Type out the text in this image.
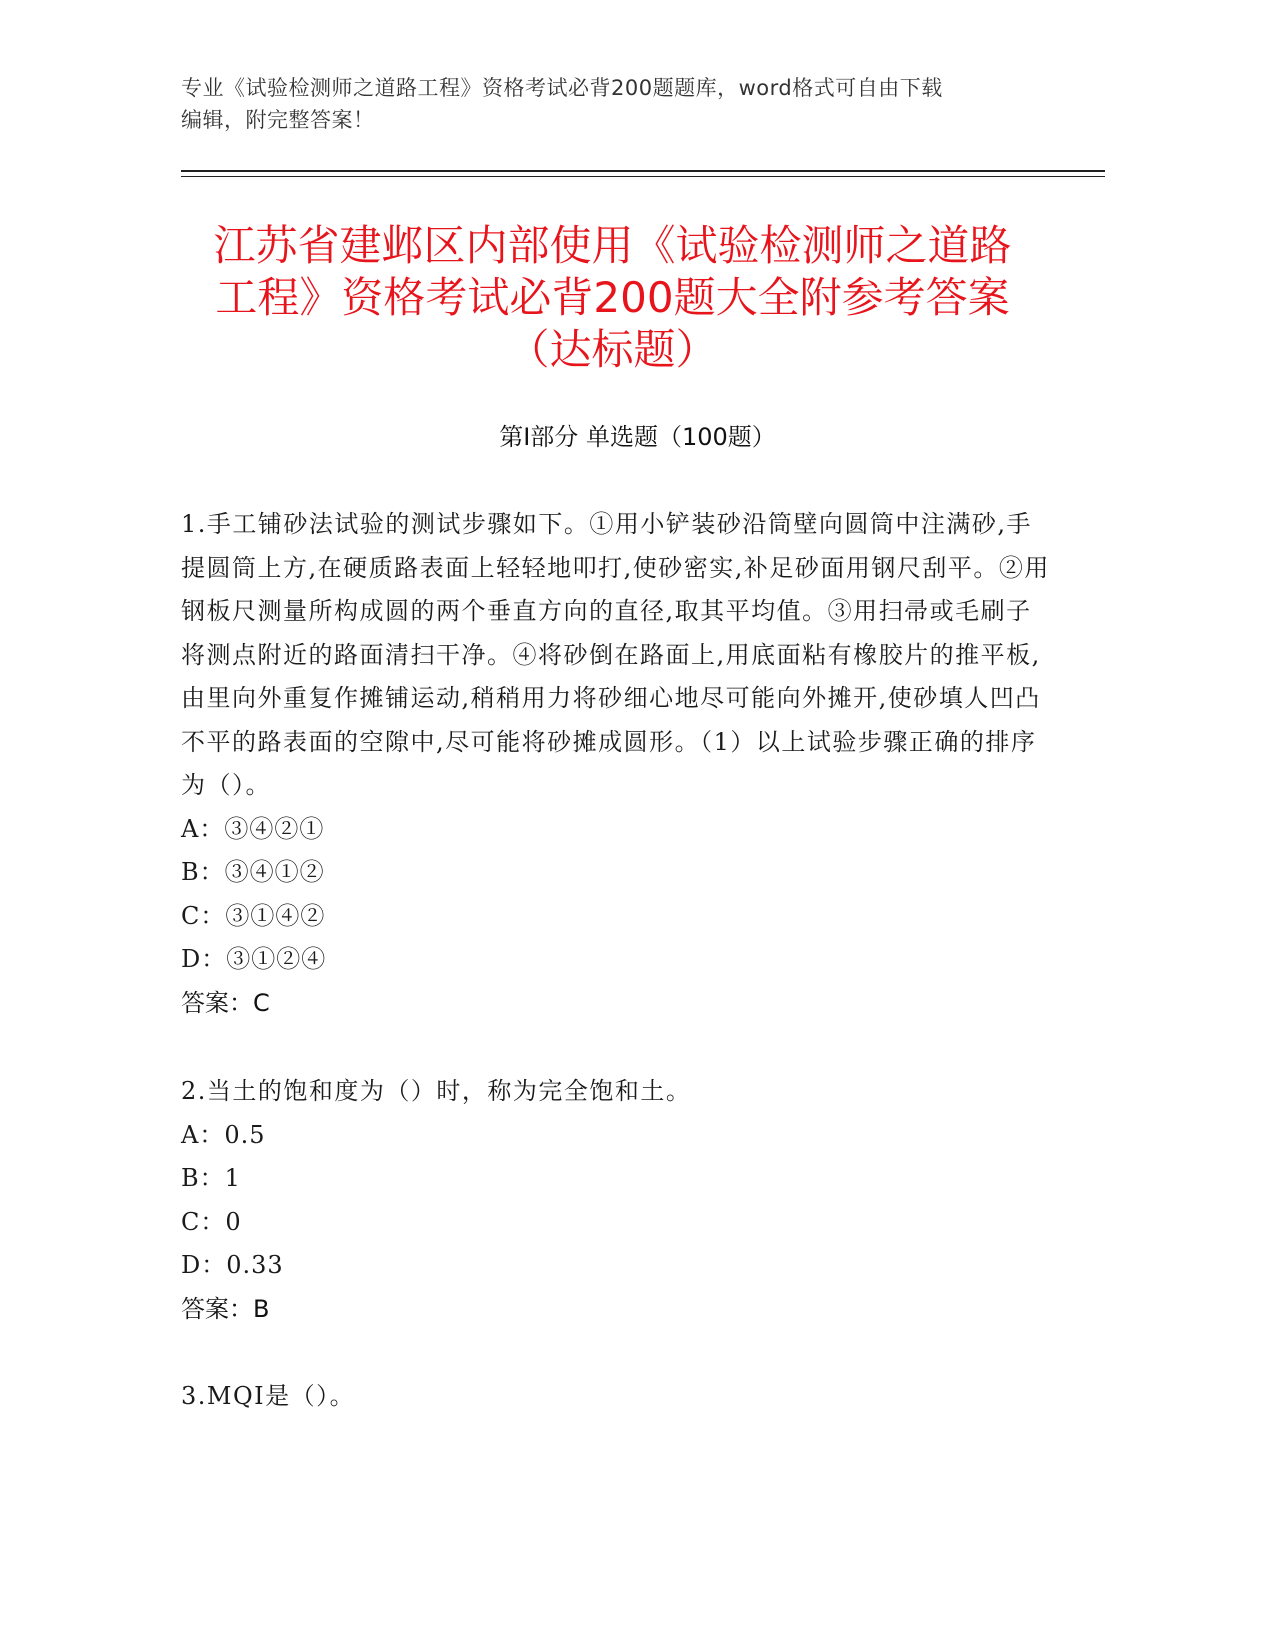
专业《试验检测师之道路工程》资格考试必背200题题库，word格式可自由下载
编辑，附完整答案！
江苏省建邺区内部使用《试验检测师之道路
工程》资格考试必背200题大全附参考答案
（达标题）
第Ⅰ部分 单选题（100题）

1.手工铺砂法试验的测试步骤如下。①用小铲装砂沿筒壁向圆筒中注满砂,手提圆筒上方,在硬质路表面上轻轻地叩打,使砂密实,补足砂面用钢尺刮平。②用钢板尺测量所构成圆的两个垂直方向的直径,取其平均值。③用扫帚或毛刷子将测点附近的路面清扫干净。④将砂倒在路面上,用底面粘有橡胶片的推平板,由里向外重复作摊铺运动,稍稍用力将砂细心地尽可能向外摊开,使砂填人凹凸不平的路表面的空隙中,尽可能将砂摊成圆形。（1）以上试验步骤正确的排序为（）。

A：③④②①

B：③④①②

C：③①④②

D：③①②④

答案：C

2.当土的饱和度为（）时，称为完全饱和土。

A：0.5

B：1

C：0

D：0.33

答案：B

3.MQI是（）。
